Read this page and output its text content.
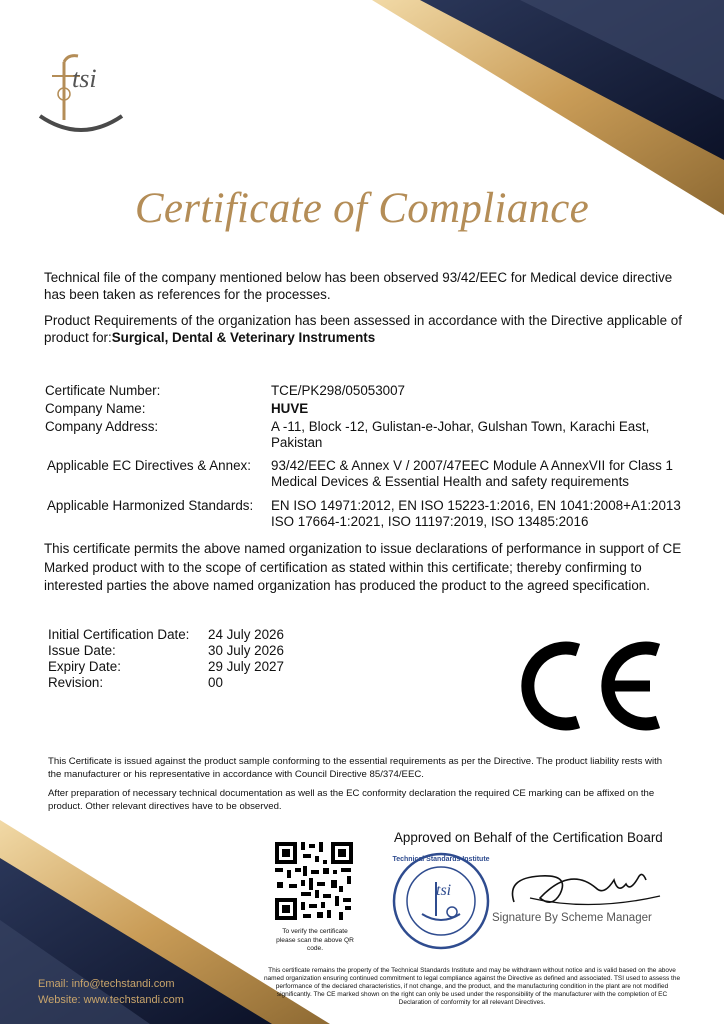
tsi
Certificate of Compliance
Technical file of the company mentioned below has been observed 93/42/EEC for Medical device directive has been taken as references for the processes.
Product Requirements of the organization has been assessed in accordance with the Directive applicable of product for:Surgical, Dental & Veterinary Instruments
Certificate Number:	TCE/PK298/05053007
Company Name:	HUVE
Company Address:	A -11, Block -12, Gulistan-e-Johar, Gulshan Town, Karachi East, Pakistan
Applicable EC Directives & Annex: 93/42/EEC & Annex V / 2007/47EEC Module A AnnexVII for Class 1 Medical Devices & Essential Health and safety requirements
Applicable Harmonized Standards: EN ISO 14971:2012, EN ISO 15223-1:2016, EN 1041:2008+A1:2013
ISO 17664-1:2021, ISO 11197:2019, ISO 13485:2016
This certificate permits the above named organization to issue declarations of performance in support of CE Marked product with to the scope of certification as stated within this certificate; thereby confirming to interested parties the above named organization has produced the product to the agreed specification.
Initial Certification Date: 24 July 2026
Issue Date:	30 July 2026
Expiry Date:	29 July 2027
Revision:	00
This Certificate is issued against the product sample conforming to the essential requirements as per the Directive. The product liability rests with the manufacturer or his representative in accordance with Council Directive 85/374/EEC.
After preparation of necessary technical documentation as well as the EC conformity declaration the required CE marking can be affixed on the product. Other relevant directives have to be observed.
Approved on Behalf of the Certification Board
To verify the certificate please scan the above QR code.
tsi
Technical Standards Institute
Signature By Scheme Manager
Email: info@techstandi.com
Website: www.techstandi.com
This certificate remains the property of the Technical Standards Institute and may be withdrawn without notice and is valid based on the above named organization ensuring continued commitment to legal compliance against the Directive as defined and associated. TSI used to assess the performance of the declared characteristics, if not change, and the product, and the manufacturing condition in the plant are not modified significantly. The CE marked shown on the right can only be used under the responsibility of the manufacturer with the completion of EC Declaration of conformity for all relevant Directives.
